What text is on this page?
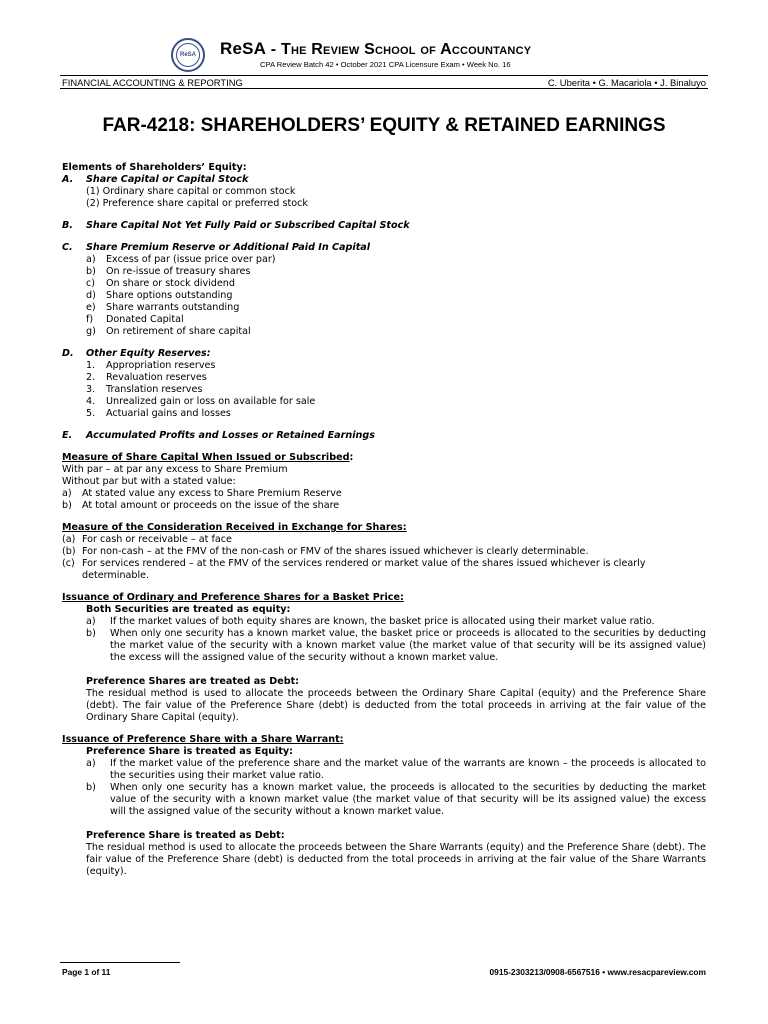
ReSA ReSA - The Review School of Accountancy
CPA Review Batch 42 • October 2021 CPA Licensure Exam • Week No. 16
FINANCIAL ACCOUNTING & REPORTING	C. Uberita • G. Macariola • J. Binaluyo
FAR-4218: SHAREHOLDERS’ EQUITY & RETAINED EARNINGS

Elements of Shareholders’ Equity:

A.	Share Capital or Capital Stock

(1) Ordinary share capital or common stock

(2) Preference share capital or preferred stock

B.	Share Capital Not Yet Fully Paid or Subscribed Capital Stock
C.	Share Premium Reserve or Additional Paid In Capital
a)	Excess of par (issue price over par)
b)	On re-issue of treasury shares
c)	On share or stock dividend
d)	Share options outstanding
e)	Share warrants outstanding
f)	Donated Capital
g)	On retirement of share capital
D.	Other Equity Reserves:
1.	Appropriation reserves
2.	Revaluation reserves
3.	Translation reserves
4.	Unrealized gain or loss on available for sale
5.	Actuarial gains and losses
E.	Accumulated Profits and Losses or Retained Earnings

Measure of Share Capital When Issued or Subscribed:

With par – at par any excess to Share Premium

Without par but with a stated value:

a)	At stated value any excess to Share Premium Reserve
b)	At total amount or proceeds on the issue of the share

Measure of the Consideration Received in Exchange for Shares:

(a) For cash or receivable – at face
(b) For non-cash – at the FMV of the non-cash or FMV of the shares issued whichever is clearly determinable.
(c) For services rendered – at the FMV of the services rendered or market value of the shares issued whichever is clearly determinable.

Issuance of Ordinary and Preference Shares for a Basket Price:

Both Securities are treated as equity:

a)	If the market values of both equity shares are known, the basket price is allocated using their market value ratio.
b)	When only one security has a known market value, the basket price or proceeds is allocated to the securities by deducting the market value of the security with a known market value (the market value of that security will be its assigned value) the excess will the assigned value of the security without a known market value.

Preference Shares are treated as Debt:

The residual method is used to allocate the proceeds between the Ordinary Share Capital (equity) and the Preference Share (debt). The fair value of the Preference Share (debt) is deducted from the total proceeds in arriving at the fair value of the Ordinary Share Capital (equity).

Issuance of Preference Share with a Share Warrant:

Preference Share is treated as Equity:

a)	If the market value of the preference share and the market value of the warrants are known – the proceeds is allocated to the securities using their market value ratio.
b)	When only one security has a known market value, the proceeds is allocated to the securities by deducting the market value of the security with a known market value (the market value of that security will be its assigned value) the excess will the assigned value of the security without a known market value.

Preference Share is treated as Debt:

The residual method is used to allocate the proceeds between the Share Warrants (equity) and the Preference Share (debt). The fair value of the Preference Share (debt) is deducted from the total proceeds in arriving at the fair value of the Share Warrants (equity).

Page 1 of 11	0915-2303213/0908-6567516 • www.resacpareview.com
